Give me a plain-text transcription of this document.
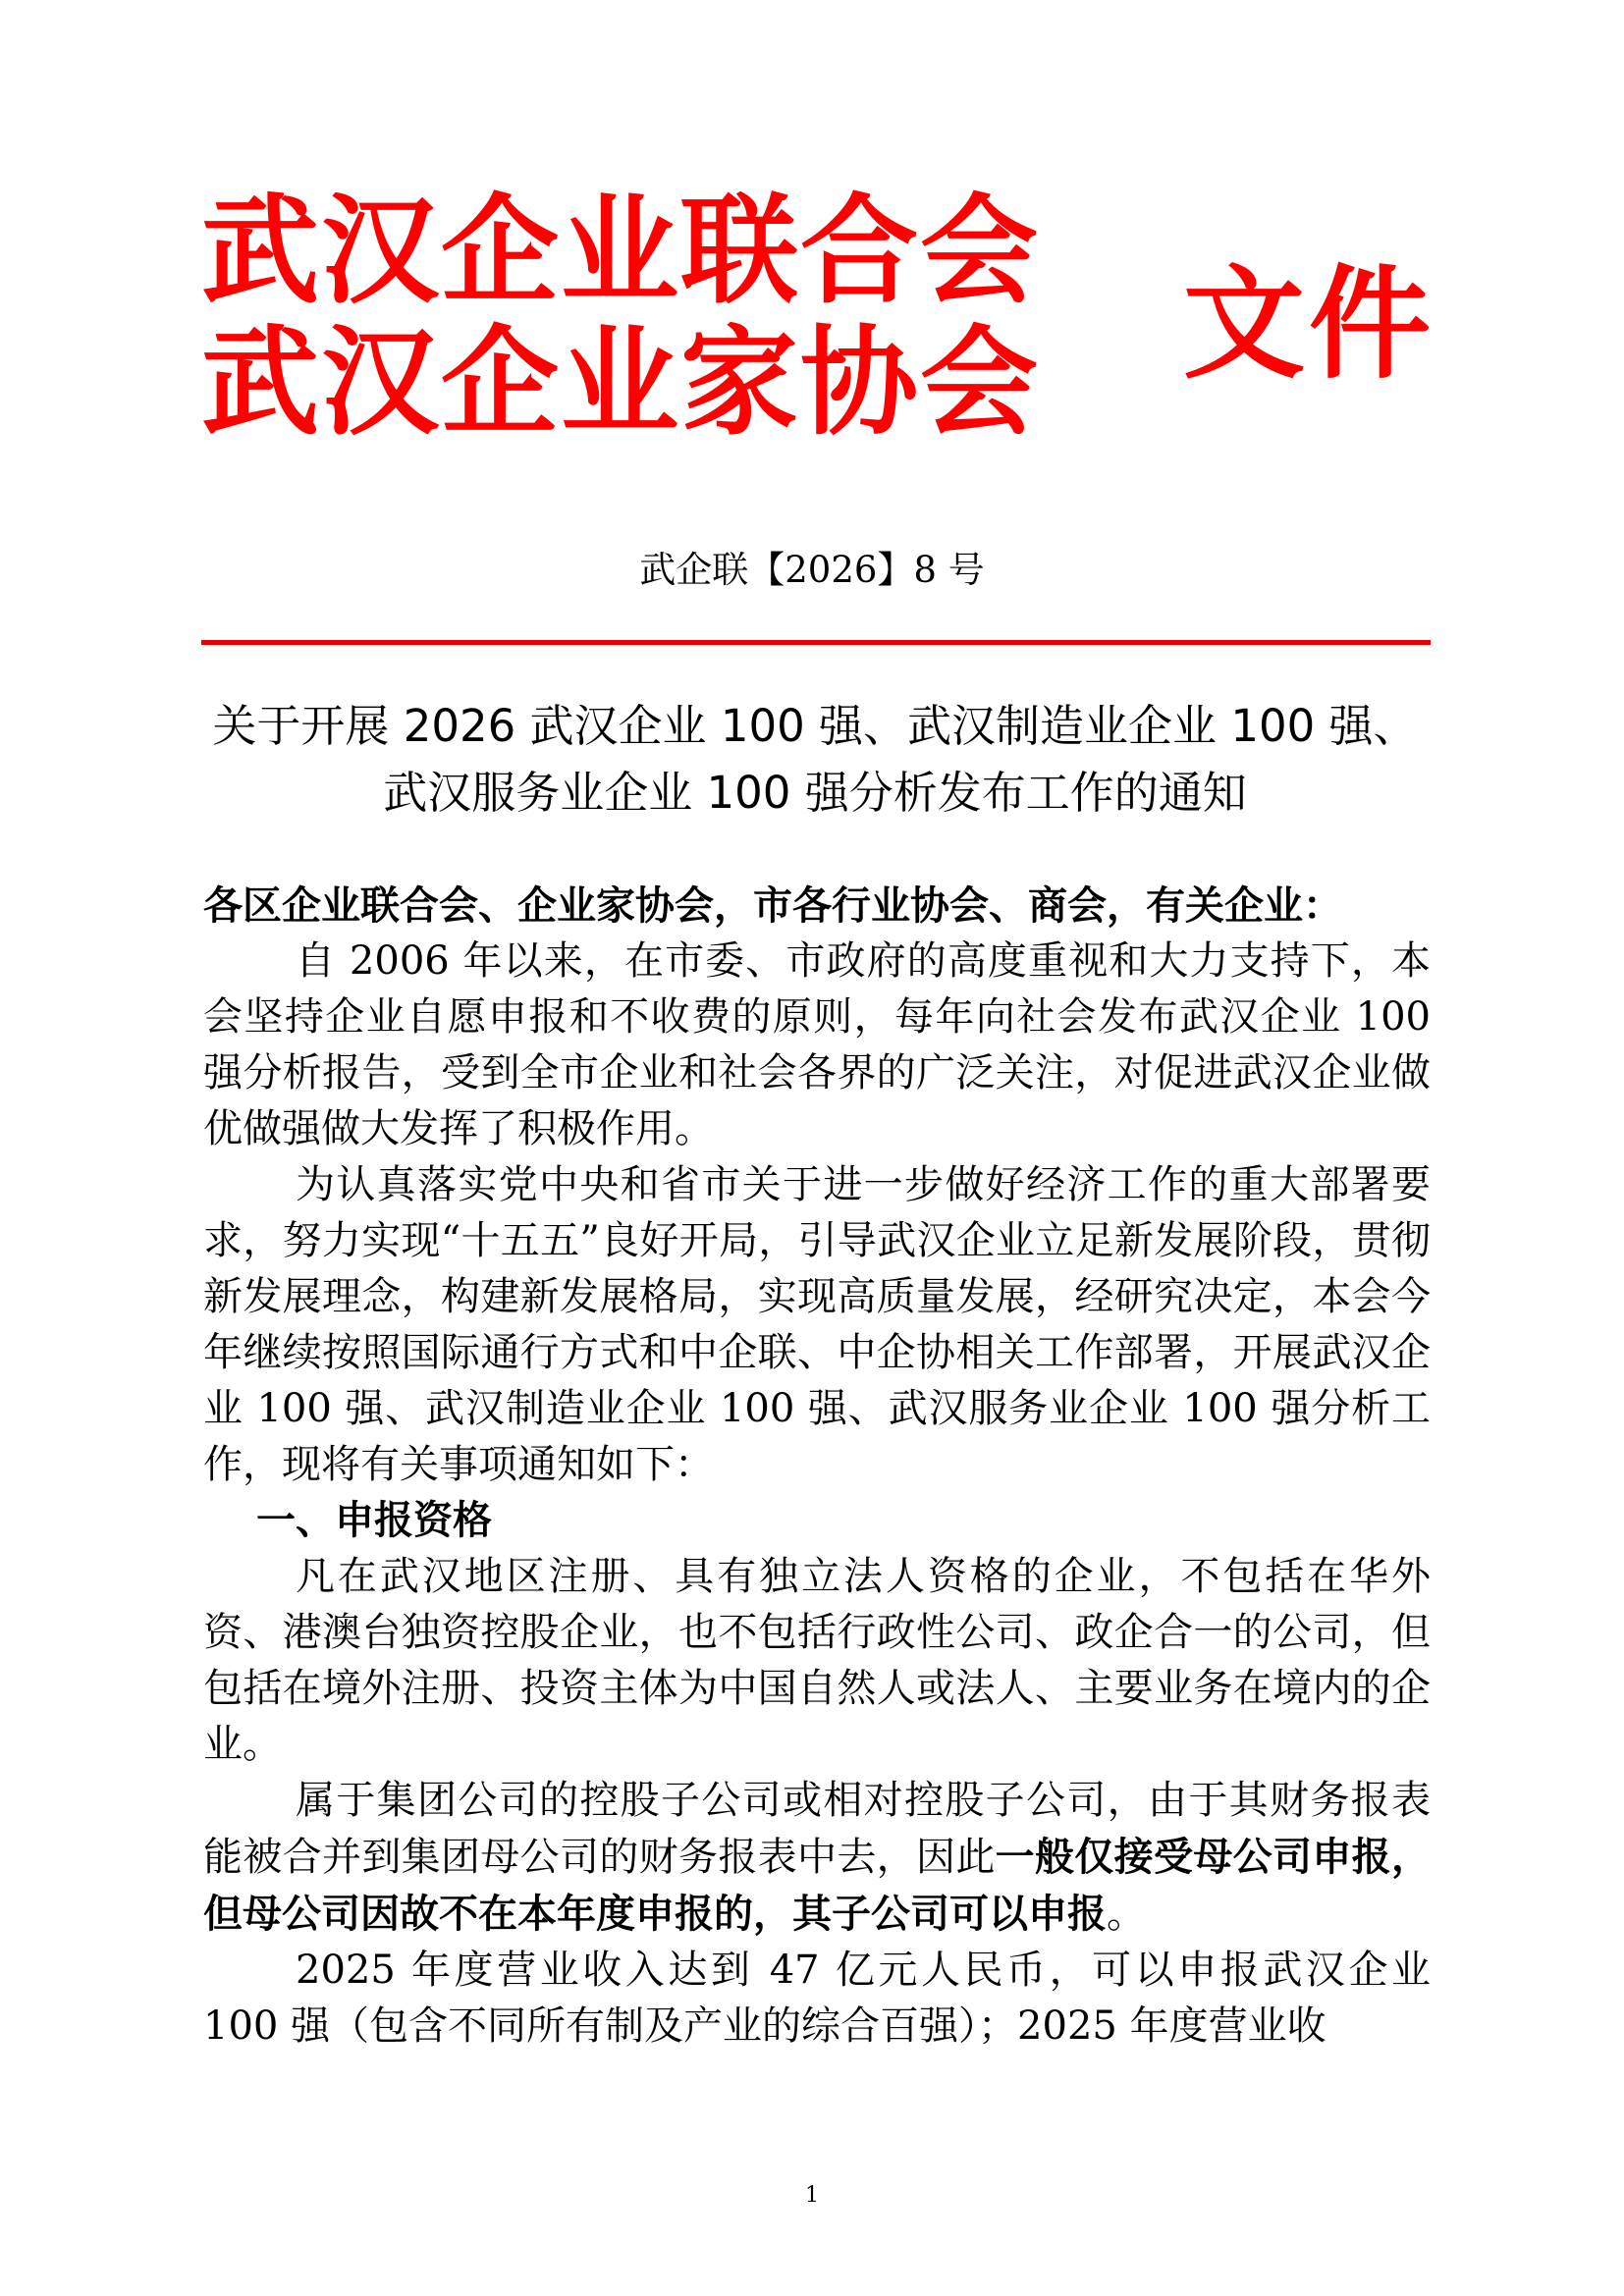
武汉企业联合会
武汉企业家协会	文件
武企联【2026】8 号
关于开展 2026 武汉企业 100 强、武汉制造业企业 100 强、
武汉服务业企业 100 强分析发布工作的通知

各区企业联合会、企业家协会，市各行业协会、商会，有关企业：

自 2006 年以来，在市委、市政府的高度重视和大力支持下，本会坚持企业自愿申报和不收费的原则，每年向社会发布武汉企业 100 强分析报告，受到全市企业和社会各界的广泛关注，对促进武汉企业做优做强做大发挥了积极作用。

为认真落实党中央和省市关于进一步做好经济工作的重大部署要求，努力实现“十五五”良好开局，引导武汉企业立足新发展阶段，贯彻新发展理念，构建新发展格局，实现高质量发展，经研究决定，本会今年继续按照国际通行方式和中企联、中企协相关工作部署，开展武汉企业 100 强、武汉制造业企业 100 强、武汉服务业企业 100 强分析工作，现将有关事项通知如下：

一、申报资格

凡在武汉地区注册、具有独立法人资格的企业，不包括在华外资、港澳台独资控股企业，也不包括行政性公司、政企合一的公司，但包括在境外注册、投资主体为中国自然人或法人、主要业务在境内的企业。

属于集团公司的控股子公司或相对控股子公司，由于其财务报表能被合并到集团母公司的财务报表中去，因此一般仅接受母公司申报，但母公司因故不在本年度申报的，其子公司可以申报。

2025 年度营业收入达到 47 亿元人民币，可以申报武汉企业 100 强（包含不同所有制及产业的综合百强）；2025 年度营业收

1
